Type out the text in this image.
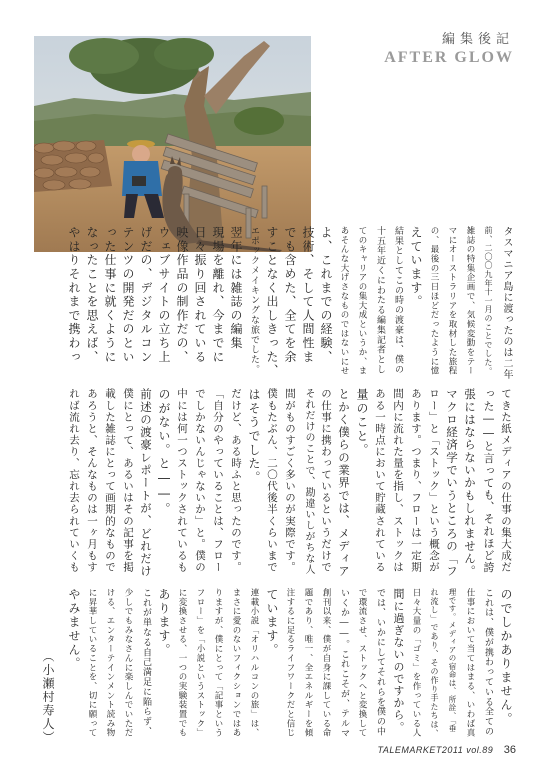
編集後記
AFTER GLOW
のでしかありません。
これは、僕が携わっている全ての
仕事において当てはまる、いわば真
理です。メディアの宿命は、所詮、「垂
れ流し」であり、その作り手たちは、
日々大量の「ゴミ」を作っている人
間に過ぎないのですから。
では、いかにしてそれらを僕の中
で環流させ、ストックへと変換して
いくか――。これこそが、テルマ
創刊以来、僕が自身に課している命
題であり、唯一、全エネルギーを傾
注するに足るライフワークだと信じ
ています。
連載小説「オリハルコンの旅」は、
まさに愛のないフィクションではあ
りますが、僕にとって「記事という
フロー」を「小説というストック」
に変換させる、一つの実験装置でも
あります。
これが単なる自己満足に陥らず、
少しでもみなさんに楽しんでいただ
ける、エンターテインメント読み物
に昇華していることを、切に願って
やみません。
タスマニア島に渡ったのは二年
前、二〇〇九年十一月のことでした。
雑誌の特集企画で、気候変動をテー
マにオーストラリアを取材した旅程
の、最後の三日ほどだったように憶
えています。
結果としてこの時の渡豪は、僕の
十五年近くにわたる編集記者とし
てのキャリアの集大成というか、ま
あそんな大げさなものではないにせ
よ、これまでの経験、
技術、そして人間性ま
でも含めた、全てを余
すことなく出しきった、
エポックメイキングな旅でした。
翌年には雑誌の編集
現場を離れ、今までに
日々振り回されている
映像作品の制作だの、
ウェブサイトの立ち上
げだの、デジタルコン
テンツの開発だのとい
った仕事に就くように
なったことを思えば、
やはりそれまで携わっ
てきた紙メディアの仕事の集大成だ
った――と言っても、それほど誇
張にはならないかもしれません。
マクロ経済学でいうところの「フ
ロー」と「ストック」という概念が
あります。つまり、フローは一定期
間内に流れた量を指し、ストックは
ある一時点において貯蔵されている
量のこと。
とかく僕らの業界では、メディア
の仕事に携わっているというだけで
それだけのことで、勘違いしがちな人
間がものすごく多いのが実際です。
僕もたぶん、二〇代後半くらいまで
はそうでした。
だけど、ある時ふと思ったのです。
「自分のやっていることは、フロー
でしかないんじゃないか」と。僕の
中には何一つストックされているも
のがない。と――。
前述の渡豪レポートが、どれだけ
僕にとって、あるいはその記事を掲
載した雑誌にとって画期的なもので
あろうと、そんなものは一ヶ月もす
れば流れ去り、忘れ去られていくも
（小瀬村寿人）
TALEMARKET2011 vol.89 36
